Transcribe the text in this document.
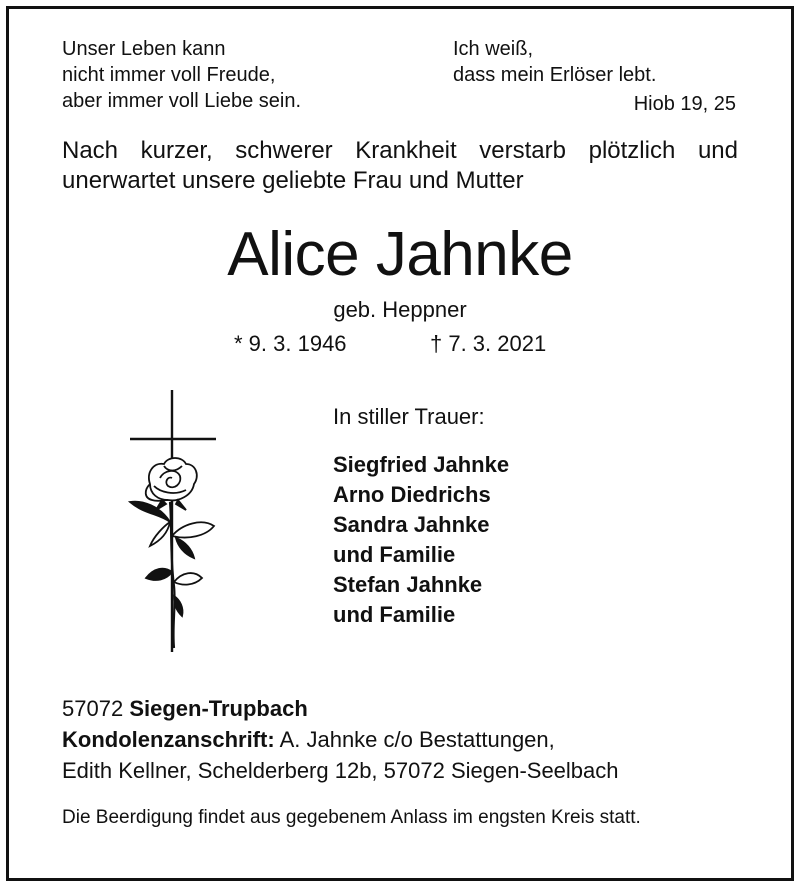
Unser Leben kann
nicht immer voll Freude,
aber immer voll Liebe sein.
Ich weiß,
dass mein Erlöser lebt.
Hiob 19, 25
Nach kurzer, schwerer Krankheit verstarb plötzlich und
unerwartet unsere geliebte Frau und Mutter
Alice Jahnke
geb. Heppner
* 9. 3. 1946	† 7. 3. 2021
In stiller Trauer:
Siegfried Jahnke
Arno Diedrichs
Sandra Jahnke
und Familie
Stefan Jahnke
und Familie
57072 Siegen-Trupbach
Kondolenzanschrift: A. Jahnke c/o Bestattungen,
Edith Kellner, Schelderberg 12b, 57072 Siegen-Seelbach
Die Beerdigung findet aus gegebenem Anlass im engsten Kreis statt.
